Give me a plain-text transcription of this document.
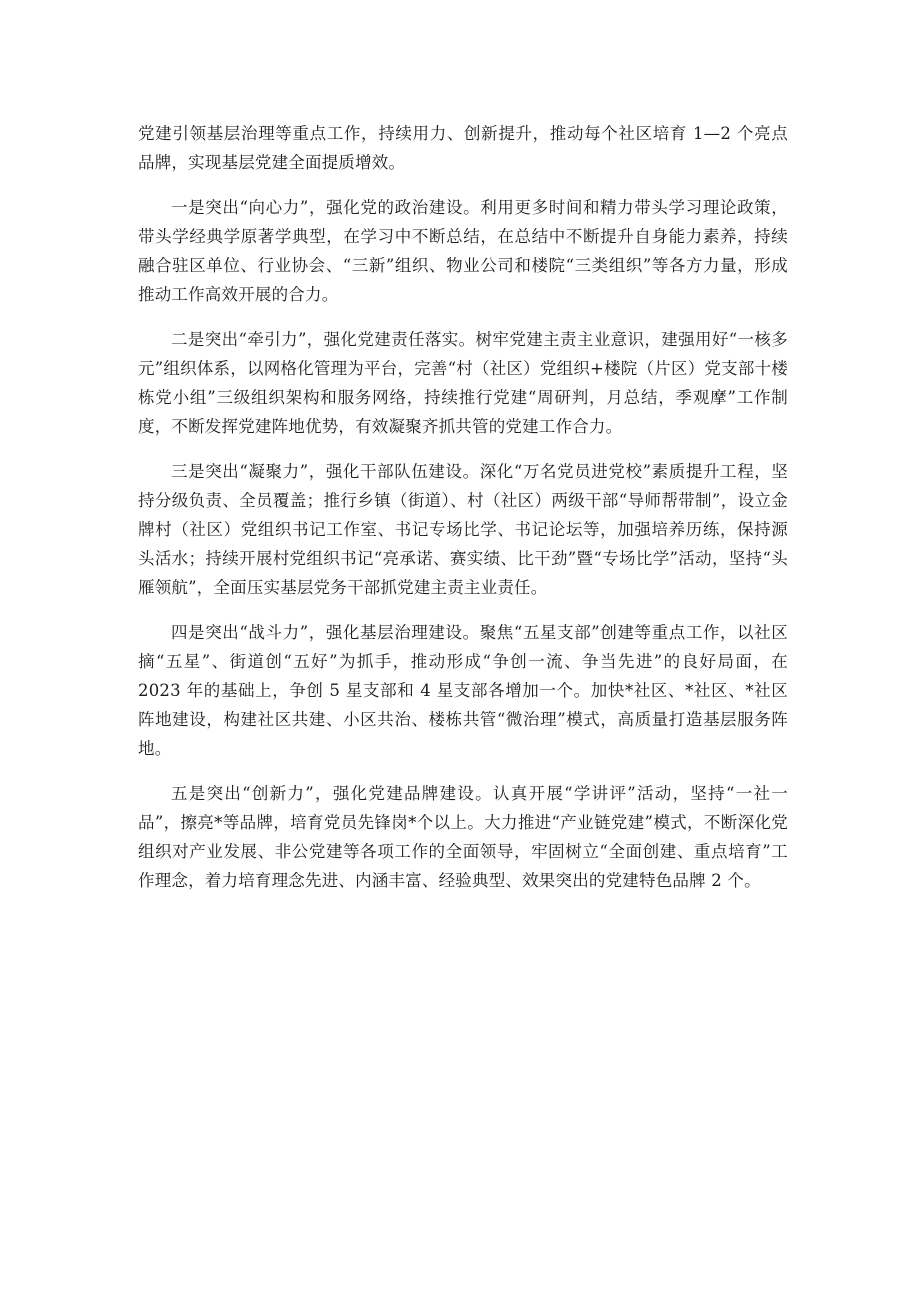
党建引领基层治理等重点工作，持续用力、创新提升，推动每个社区培育 1—2 个亮点品牌，实现基层党建全面提质增效。

一是突出“向心力”，强化党的政治建设。利用更多时间和精力带头学习理论政策，带头学经典学原著学典型，在学习中不断总结，在总结中不断提升自身能力素养，持续融合驻区单位、行业协会、“三新”组织、物业公司和楼院“三类组织”等各方力量，形成推动工作高效开展的合力。

二是突出“牵引力”，强化党建责任落实。树牢党建主责主业意识，建强用好“一核多元”组织体系，以网格化管理为平台，完善“村（社区）党组织+楼院（片区）党支部十楼栋党小组”三级组织架构和服务网络，持续推行党建“周研判，月总结，季观摩”工作制度，不断发挥党建阵地优势，有效凝聚齐抓共管的党建工作合力。

三是突出“凝聚力”，强化干部队伍建设。深化“万名党员进党校”素质提升工程，坚持分级负责、全员覆盖；推行乡镇（街道）、村（社区）两级干部“导师帮带制”，设立金牌村（社区）党组织书记工作室、书记专场比学、书记论坛等，加强培养历练，保持源头活水；持续开展村党组织书记“亮承诺、赛实绩、比干劲”暨“专场比学”活动，坚持“头雁领航”，全面压实基层党务干部抓党建主责主业责任。

四是突出“战斗力”，强化基层治理建设。聚焦“五星支部”创建等重点工作，以社区摘“五星”、街道创“五好”为抓手，推动形成“争创一流、争当先进”的良好局面，在 2023 年的基础上，争创 5 星支部和 4 星支部各增加一个。加快*社区、*社区、*社区阵地建设，构建社区共建、小区共治、楼栋共管“微治理”模式，高质量打造基层服务阵地。

五是突出“创新力”，强化党建品牌建设。认真开展“学讲评”活动，坚持“一社一品”，擦亮*等品牌，培育党员先锋岗*个以上。大力推进“产业链党建”模式，不断深化党组织对产业发展、非公党建等各项工作的全面领导，牢固树立“全面创建、重点培育”工作理念，着力培育理念先进、内涵丰富、经验典型、效果突出的党建特色品牌 2 个。
